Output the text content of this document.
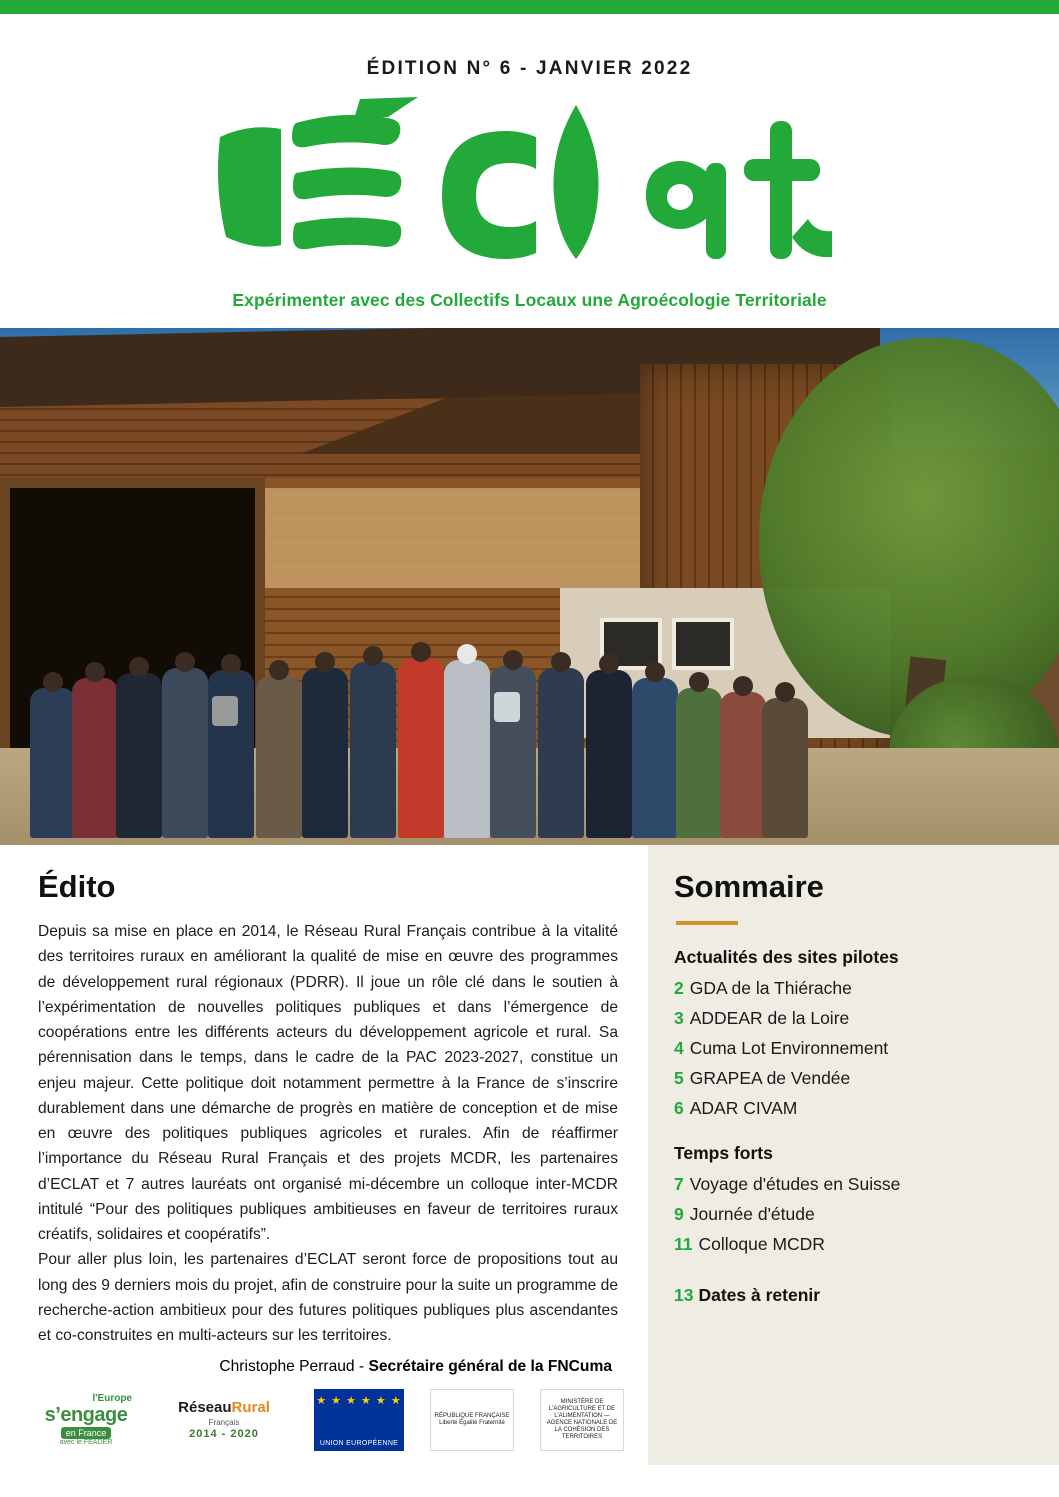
ÉDITION N° 6 - JANVIER 2022
Expérimenter avec des Collectifs Locaux une Agroécologie Territoriale
Édito

Depuis sa mise en place en 2014, le Réseau Rural Français contribue à la vitalité des territoires ruraux en améliorant la qualité de mise en œuvre des programmes de développement rural régionaux (PDRR). Il joue un rôle clé dans le soutien à l’expérimentation de nouvelles politiques publiques et dans l’émergence de coopérations entre les différents acteurs du développement agricole et rural. Sa pérennisation dans le temps, dans le cadre de la PAC 2023-2027, constitue un enjeu majeur. Cette politique doit notamment permettre à la France de s’inscrire durablement dans une démarche de progrès en matière de conception et de mise en œuvre des politiques publiques agricoles et rurales. Afin de réaffirmer l’importance du Réseau Rural Français et des projets MCDR, les partenaires d’ECLAT et 7 autres lauréats ont organisé mi-décembre un colloque inter-MCDR intitulé “Pour des politiques publiques ambitieuses en faveur de territoires ruraux créatifs, solidaires et coopératifs”.

Pour aller plus loin, les partenaires d’ECLAT seront force de propositions tout au long des 9 derniers mois du projet, afin de construire pour la suite un programme de recherche-action ambitieux pour des futures politiques publiques plus ascendantes et co-construites en multi-acteurs sur les territoires.

Christophe Perraud - Secrétaire général de la FNCuma
l'Europe
s’engage
en France
avec le FEADER
RéseauRural
Français
2014 - 2020
★ ★ ★ ★ ★ ★
UNION EUROPÉENNE
RÉPUBLIQUE FRANÇAISE Liberté Égalité Fraternité
MINISTÈRE DE L'AGRICULTURE ET DE L'ALIMENTATION — AGENCE NATIONALE DE LA COHÉSION DES TERRITOIRES
Sommaire
Actualités des sites pilotes
2 GDA de la Thiérache
3 ADDEAR de la Loire
4 Cuma Lot Environnement
5 GRAPEA de Vendée
6 ADAR CIVAM
Temps forts
7 Voyage d'études en Suisse
9 Journée d'étude
11 Colloque MCDR
13 Dates à retenir
